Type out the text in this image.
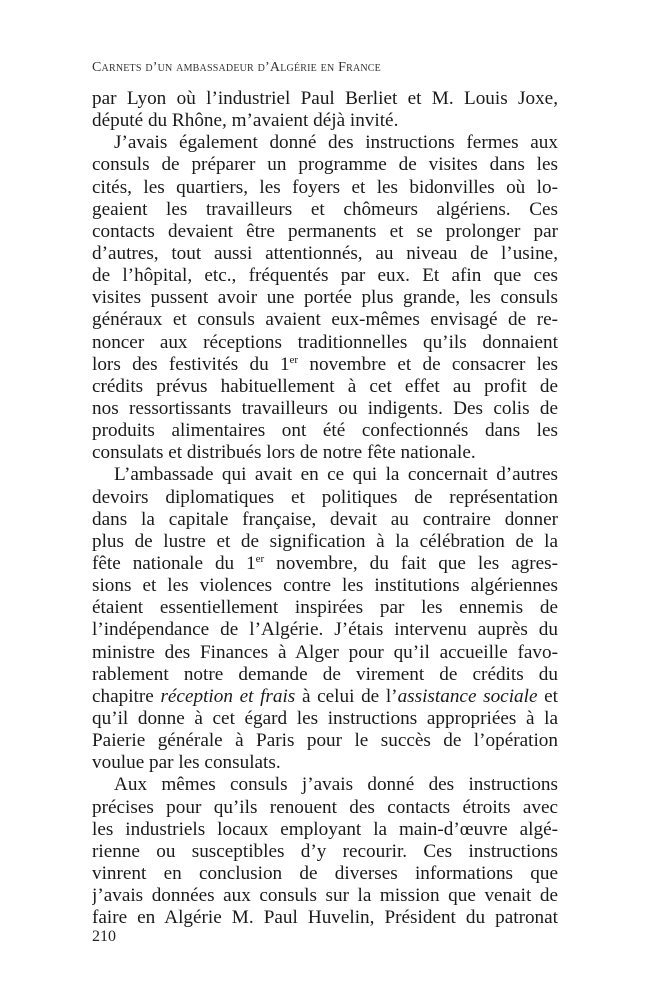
Carnets d’un ambassadeur d’Algérie en France
par Lyon où l’industriel Paul Berliet et M. Louis Joxe,
député du Rhône, m’avaient déjà invité.
J’avais également donné des instructions fermes aux
consuls de préparer un programme de visites dans les
cités, les quartiers, les foyers et les bidonvilles où lo-
geaient les travailleurs et chômeurs algériens. Ces
contacts devaient être permanents et se prolonger par
d’autres, tout aussi attentionnés, au niveau de l’usine,
de l’hôpital, etc., fréquentés par eux. Et afin que ces
visites pussent avoir une portée plus grande, les consuls
généraux et consuls avaient eux-mêmes envisagé de re-
noncer aux réceptions traditionnelles qu’ils donnaient
lors des festivités du 1er novembre et de consacrer les
crédits prévus habituellement à cet effet au profit de
nos ressortissants travailleurs ou indigents. Des colis de
produits alimentaires ont été confectionnés dans les
consulats et distribués lors de notre fête nationale.
L’ambassade qui avait en ce qui la concernait d’autres
devoirs diplomatiques et politiques de représentation
dans la capitale française, devait au contraire donner
plus de lustre et de signification à la célébration de la
fête nationale du 1er novembre, du fait que les agres-
sions et les violences contre les institutions algériennes
étaient essentiellement inspirées par les ennemis de
l’indépendance de l’Algérie. J’étais intervenu auprès du
ministre des Finances à Alger pour qu’il accueille favo-
rablement notre demande de virement de crédits du
chapitre réception et frais à celui de l’assistance sociale et
qu’il donne à cet égard les instructions appropriées à la
Paierie générale à Paris pour le succès de l’opération
voulue par les consulats.
Aux mêmes consuls j’avais donné des instructions
précises pour qu’ils renouent des contacts étroits avec
les industriels locaux employant la main-d’œuvre algé-
rienne ou susceptibles d’y recourir. Ces instructions
vinrent en conclusion de diverses informations que
j’avais données aux consuls sur la mission que venait de
faire en Algérie M. Paul Huvelin, Président du patronat
210
